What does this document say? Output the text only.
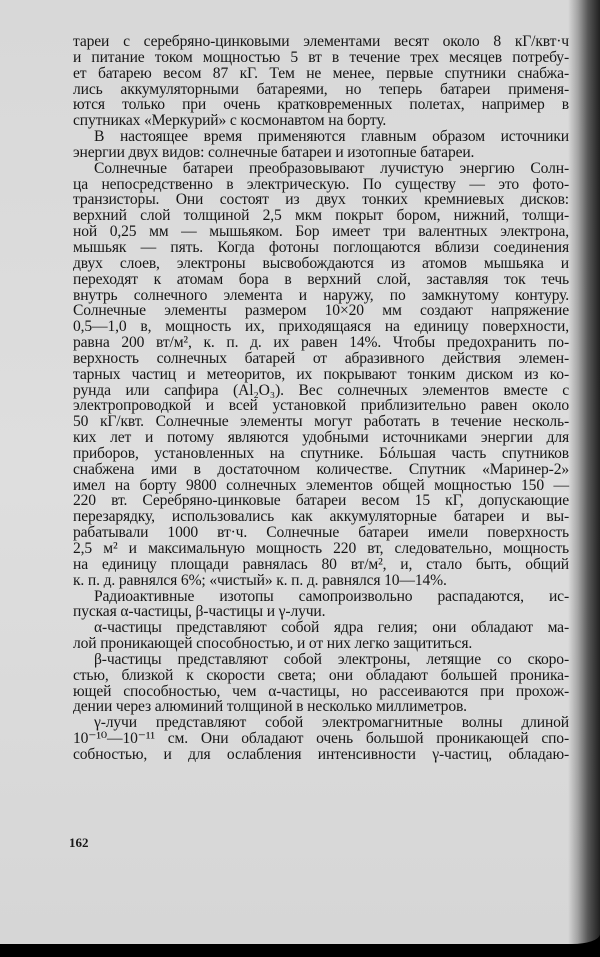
тареи с серебряно-цинковыми элементами весят около 8 кГ/квт·ч
и питание током мощностью 5 вт в течение трех месяцев потребу-
ет батарею весом 87 кГ. Тем не менее, первые спутники снабжа-
лись аккумуляторными батареями, но теперь батареи применя-
ются только при очень кратковременных полетах, например в
спутниках «Меркурий» с космонавтом на борту.
В настоящее время применяются главным образом источники
энергии двух видов: солнечные батареи и изотопные батареи.
Солнечные батареи преобразовывают лучистую энергию Солн-
ца непосредственно в электрическую. По существу — это фото-
транзисторы. Они состоят из двух тонких кремниевых дисков:
верхний слой толщиной 2,5 мкм покрыт бором, нижний, толщи-
ной 0,25 мм — мышьяком. Бор имеет три валентных электрона,
мышьяк — пять. Когда фотоны поглощаются вблизи соединения
двух слоев, электроны высвобождаются из атомов мышьяка и
переходят к атомам бора в верхний слой, заставляя ток течь
внутрь солнечного элемента и наружу, по замкнутому контуру.
Солнечные элементы размером 10×20 мм создают напряжение
0,5—1,0 в, мощность их, приходящаяся на единицу поверхности,
равна 200 вт/м², к. п. д. их равен 14%. Чтобы предохранить по-
верхность солнечных батарей от абразивного действия элемен-
тарных частиц и метеоритов, их покрывают тонким диском из ко-
рунда или сапфира (Al₂O₃). Вес солнечных элементов вместе с
электропроводкой и всей установкой приблизительно равен около
50 кГ/квт. Солнечные элементы могут работать в течение несколь-
ких лет и потому являются удобными источниками энергии для
приборов, установленных на спутнике. Бóльшая часть спутников
снабжена ими в достаточном количестве. Спутник «Маринер-2»
имел на борту 9800 солнечных элементов общей мощностью 150 —
220 вт. Серебряно-цинковые батареи весом 15 кГ, допускающие
перезарядку, использовались как аккумуляторные батареи и вы-
рабатывали 1000 вт·ч. Солнечные батареи имели поверхность
2,5 м² и максимальную мощность 220 вт, следовательно, мощность
на единицу площади равнялась 80 вт/м², и, стало быть, общий
к. п. д. равнялся 6%; «чистый» к. п. д. равнялся 10—14%.
Радиоактивные изотопы самопроизвольно распадаются, ис-
пуская α-частицы, β-частицы и γ-лучи.
α-частицы представляют собой ядра гелия; они обладают ма-
лой проникающей способностью, и от них легко защититься.
β-частицы представляют собой электроны, летящие со скоро-
стью, близкой к скорости света; они обладают большей проника-
ющей способностью, чем α-частицы, но рассеиваются при прохож-
дении через алюминий толщиной в несколько миллиметров.
γ-лучи представляют собой электромагнитные волны длиной
10⁻¹⁰—10⁻¹¹ см. Они обладают очень большой проникающей спо-
собностью, и для ослабления интенсивности γ-частиц, обладаю-
162
